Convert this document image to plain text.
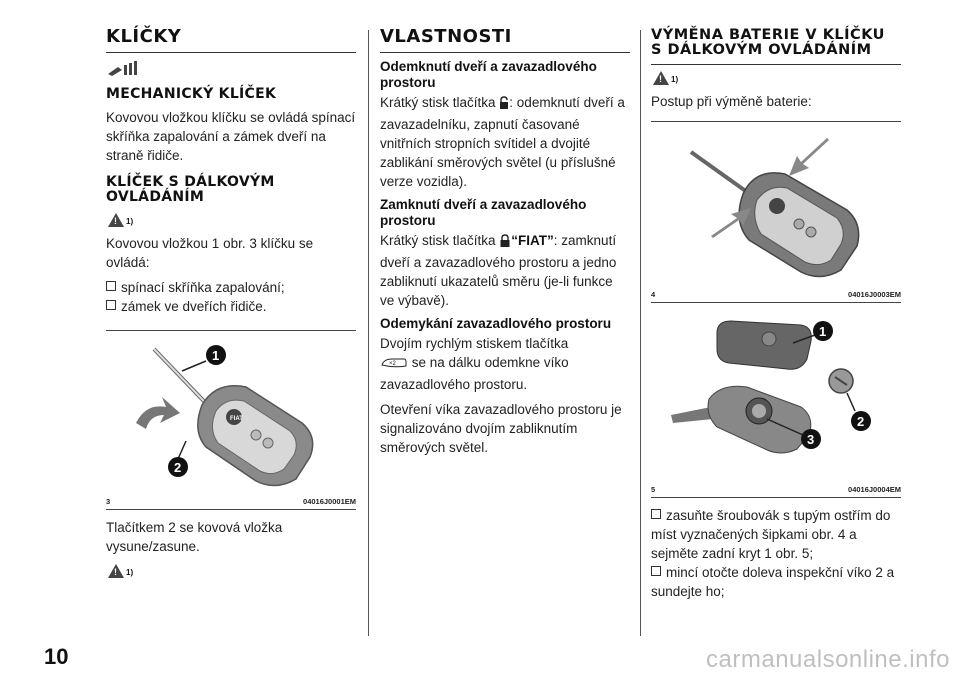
KLÍČKY
MECHANICKÝ KLÍČEK

Kovovou vložkou klíčku se ovládá spínací skříňka zapalování a zámek dveří na straně řidiče.

KLÍČEK S DÁLKOVÝM OVLÁDÁNÍM
! 1)

Kovovou vložkou 1 obr. 3 klíčku se ovládá:

spínací skříňka zapalování;
zámek ve dveřích řidiče.
FIAT
1
2
3	04016J0001EM

Tlačítkem 2 se kovová vložka vysune/zasune.

! 1)
VLASTNOSTI
Odemknutí dveří a zavazadlového prostoru

Krátký stisk tlačítka : odemknutí dveří a zavazadelníku, zapnutí časované vnitřních stropních svítidel a dvojité zablikání směrových světel (u příslušné verze vozidla).

Zamknutí dveří a zavazadlového prostoru

Krátký stisk tlačítka “FIAT”: zamknutí dveří a zavazadlového prostoru a jedno zabliknutí ukazatelů směru (je-li funkce ve výbavě).

Odemykání zavazadlového prostoru

Dvojím rychlým stiskem tlačítka

×2 se na dálku odemkne víko zavazadlového prostoru.

Otevření víka zavazadlového prostoru je signalizováno dvojím zabliknutím směrových světel.

VÝMĚNA BATERIE V KLÍČKU S DÁLKOVÝM OVLÁDÁNÍM
! 1)

Postup při výměně baterie:

4	04016J0003EM
1
2
3
5	04016J0004EM
zasuňte šroubovák s tupým ostřím do míst vyznačených šipkami obr. 4 a sejměte zadní kryt 1 obr. 5;
mincí otočte doleva inspekční víko 2 a sundejte ho;
10	carmanualsonline.info
